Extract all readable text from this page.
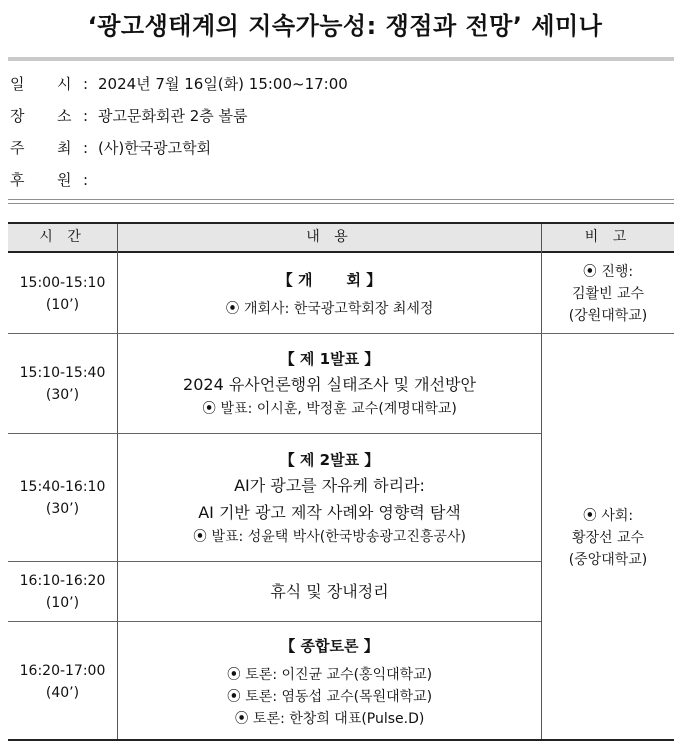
‘광고생태계의 지속가능성: 쟁점과 전망’ 세미나
일 시 : 2024년 7월 16일(화) 15:00~17:00
장 소 : 광고문화회관 2층 볼룸
주 최 : (사)한국광고학회
후 원 :
시 간	내 용	비 고
15:00-15:10
(10’)
【 개 회 】
⦿ 개회사: 한국광고학회장 최세정
15:10-15:40
(30’)
【 제 1발표 】
2024 유사언론행위 실태조사 및 개선방안
⦿ 발표: 이시훈, 박정훈 교수(계명대학교)
15:40-16:10
(30’)
【 제 2발표 】
AI가 광고를 자유케 하리라:
AI 기반 광고 제작 사례와 영향력 탐색
⦿ 발표: 성윤택 박사(한국방송광고진흥공사)
16:10-16:20
(10’)
휴식 및 장내정리
16:20-17:00
(40’)
【 종합토론 】
⦿ 토론: 이진균 교수(홍익대학교)
⦿ 토론: 염동섭 교수(목원대학교)
⦿ 토론: 한창희 대표(Pulse.D)
⦿ 진행:
김활빈 교수
(강원대학교)
⦿ 사회:
황장선 교수
(중앙대학교)
